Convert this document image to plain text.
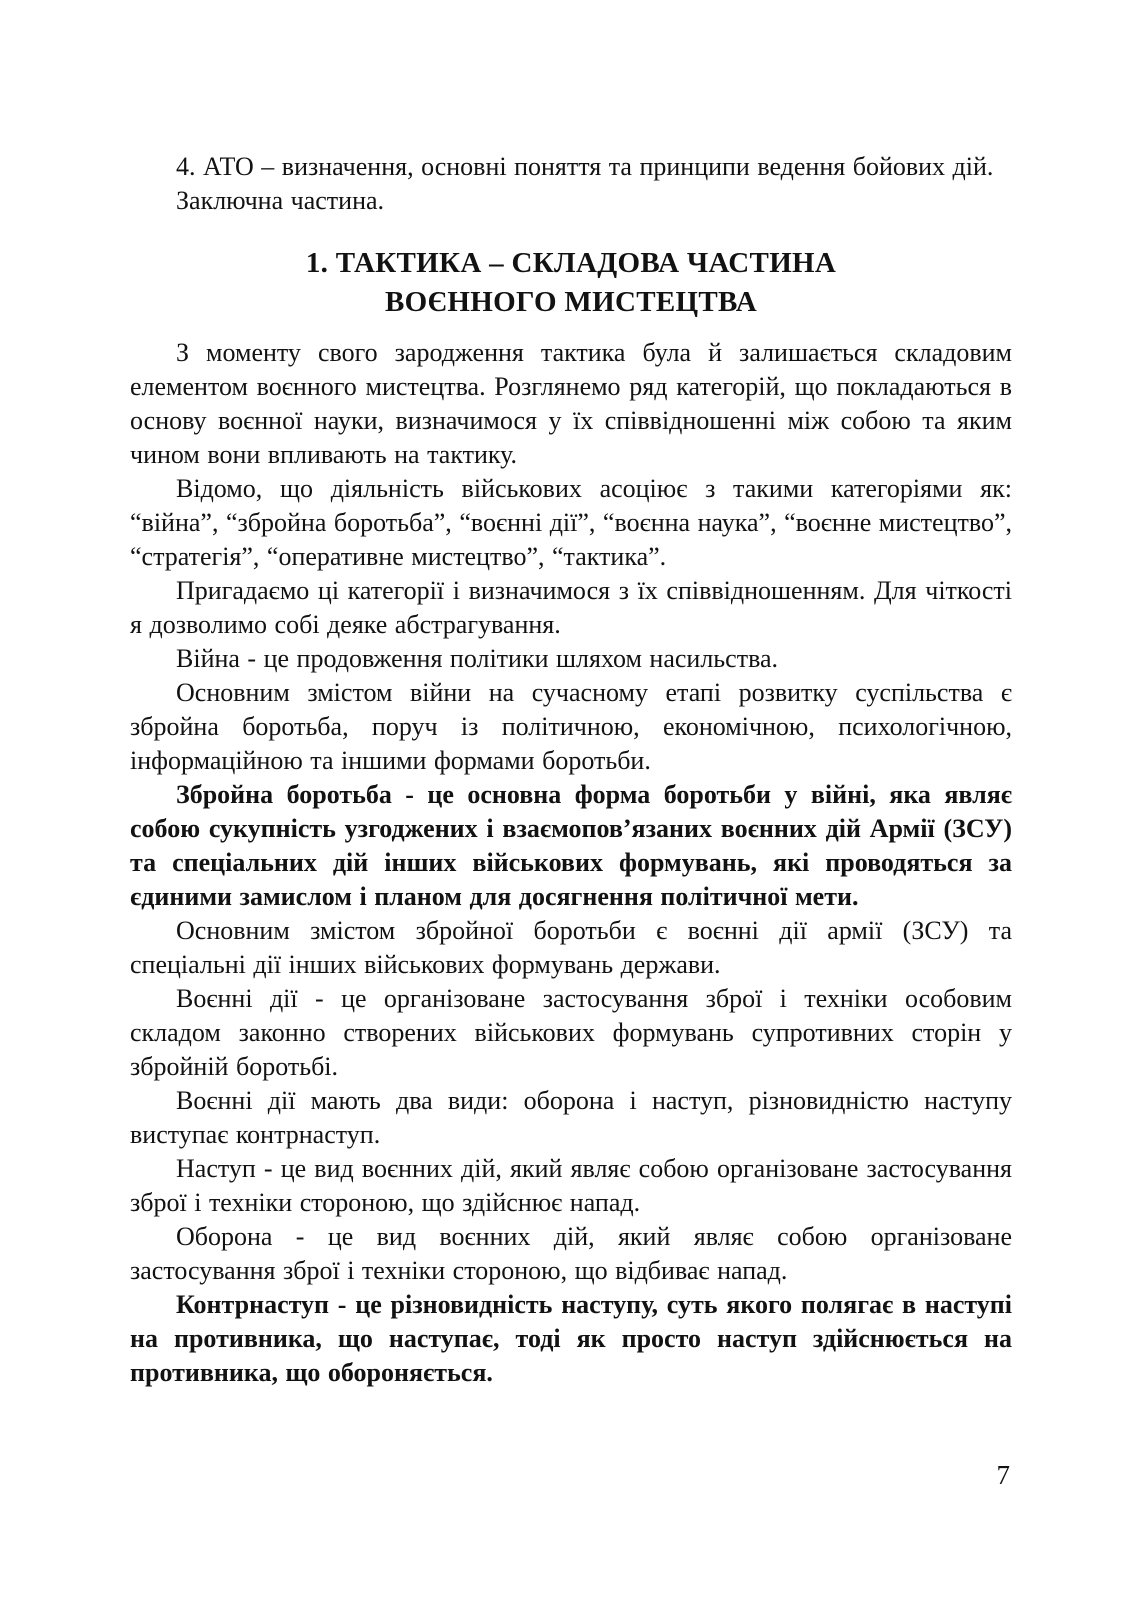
4. АТО – визначення, основні поняття та принципи ведення бойових дій.

Заключна частина.

1. ТАКТИКА – СКЛАДОВА ЧАСТИНА
ВОЄННОГО МИСТЕЦТВА

З моменту свого зародження тактика була й залишається складовим елементом воєнного мистецтва. Розглянемо ряд категорій, що покладаються в основу воєнної науки, визначимося у їх співвідношенні між собою та яким чином вони впливають на тактику.

Відомо, що діяльність військових асоціює з такими категоріями як: “війна”, “збройна боротьба”, “воєнні дії”, “воєнна наука”, “воєнне мистецтво”, “стратегія”, “оперативне мистецтво”, “тактика”.

Пригадаємо ці категорії і визначимося з їх співвідношенням. Для чіткості я дозволимо собі деяке абстрагування.

Війна - це продовження політики шляхом насильства.

Основним змістом війни на сучасному етапі розвитку суспільства є збройна боротьба, поруч із політичною, економічною, психологічною, інформаційною та іншими формами боротьби.

Збройна боротьба - це основна форма боротьби у війні, яка являє собою сукупність узгоджених і взаємопов’язаних воєнних дій Армії (ЗСУ) та спеціальних дій інших військових формувань, які проводяться за єдиними замислом і планом для досягнення політичної мети.

Основним змістом збройної боротьби є воєнні дії армії (ЗСУ) та спеціальні дії інших військових формувань держави.

Воєнні дії - це організоване застосування зброї і техніки особовим складом законно створених військових формувань супротивних сторін у збройній боротьбі.

Воєнні дії мають два види: оборона і наступ, різновидністю наступу виступає контрнаступ.

Наступ - це вид воєнних дій, який являє собою організоване застосування зброї і техніки стороною, що здійснює напад.

Оборона - це вид воєнних дій, який являє собою організоване застосування зброї і техніки стороною, що відбиває напад.

Контрнаступ - це різновидність наступу, суть якого полягає в наступі на противника, що наступає, тоді як просто наступ здійснюється на противника, що обороняється.

7
